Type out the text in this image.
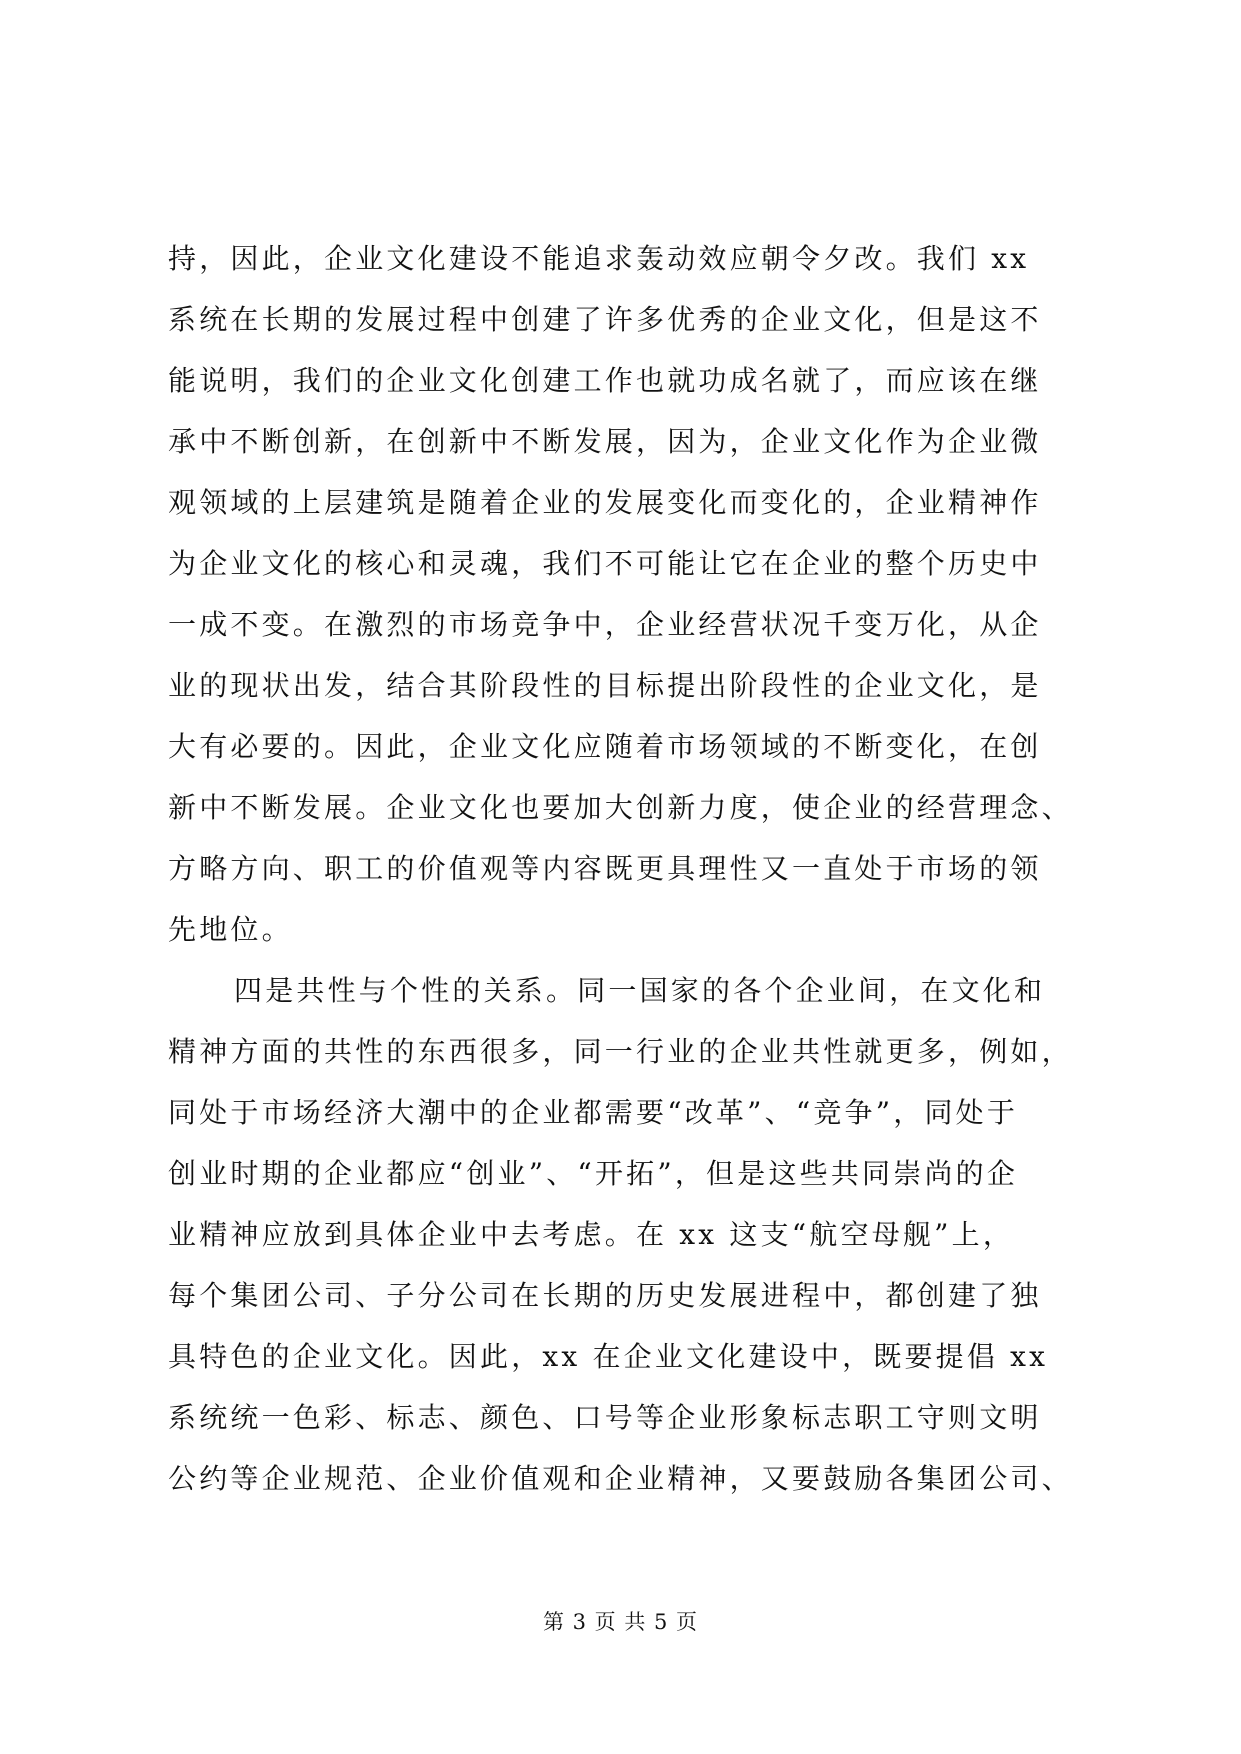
持，因此，企业文化建设不能追求轰动效应朝令夕改。我们 xx
系统在长期的发展过程中创建了许多优秀的企业文化，但是这不
能说明，我们的企业文化创建工作也就功成名就了，而应该在继
承中不断创新，在创新中不断发展，因为，企业文化作为企业微
观领域的上层建筑是随着企业的发展变化而变化的，企业精神作
为企业文化的核心和灵魂，我们不可能让它在企业的整个历史中
一成不变。在激烈的市场竞争中，企业经营状况千变万化，从企
业的现状出发，结合其阶段性的目标提出阶段性的企业文化，是
大有必要的。因此，企业文化应随着市场领域的不断变化，在创
新中不断发展。企业文化也要加大创新力度，使企业的经营理念、
方略方向、职工的价值观等内容既更具理性又一直处于市场的领
先地位。
四是共性与个性的关系。同一国家的各个企业间，在文化和
精神方面的共性的东西很多，同一行业的企业共性就更多，例如，
同处于市场经济大潮中的企业都需要“改革”、“竞争”，同处于
创业时期的企业都应“创业”、“开拓”，但是这些共同崇尚的企
业精神应放到具体企业中去考虑。在 xx 这支“航空母舰”上，
每个集团公司、子分公司在长期的历史发展进程中，都创建了独
具特色的企业文化。因此，xx 在企业文化建设中，既要提倡 xx
系统统一色彩、标志、颜色、口号等企业形象标志职工守则文明
公约等企业规范、企业价值观和企业精神，又要鼓励各集团公司、
第 3 页 共 5 页
